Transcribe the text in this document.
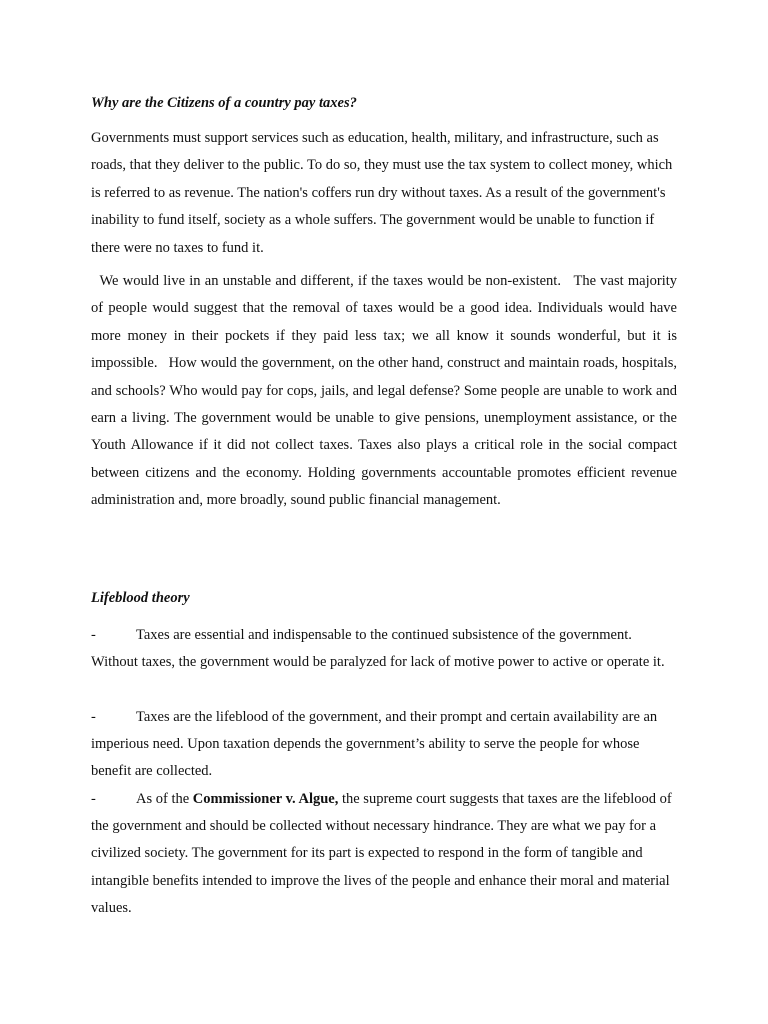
Why are the Citizens of a country pay taxes?

Governments must support services such as education, health, military, and infrastructure, such as roads, that they deliver to the public. To do so, they must use the tax system to collect money, which is referred to as revenue. The nation's coffers run dry without taxes. As a result of the government's inability to fund itself, society as a whole suffers. The government would be unable to function if there were no taxes to fund it.

We would live in an unstable and different, if the taxes would be non-existent.   The vast majority of people would suggest that the removal of taxes would be a good idea. Individuals would have more money in their pockets if they paid less tax; we all know it sounds wonderful, but it is impossible.   How would the government, on the other hand, construct and maintain roads, hospitals, and schools? Who would pay for cops, jails, and legal defense? Some people are unable to work and earn a living. The government would be unable to give pensions, unemployment assistance, or the Youth Allowance if it did not collect taxes. Taxes also plays a critical role in the social compact between citizens and the economy. Holding governments accountable promotes efficient revenue administration and, more broadly, sound public financial management.

Lifeblood theory

-	Taxes are essential and indispensable to the continued subsistence of the government. Without taxes, the government would be paralyzed for lack of motive power to active or operate it.

-	Taxes are the lifeblood of the government, and their prompt and certain availability are an imperious need. Upon taxation depends the government’s ability to serve the people for whose benefit are collected.

-	As of the Commissioner v. Algue, the supreme court suggests that taxes are the lifeblood of the government and should be collected without necessary hindrance. They are what we pay for a civilized society. The government for its part is expected to respond in the form of tangible and intangible benefits intended to improve the lives of the people and enhance their moral and material values.
